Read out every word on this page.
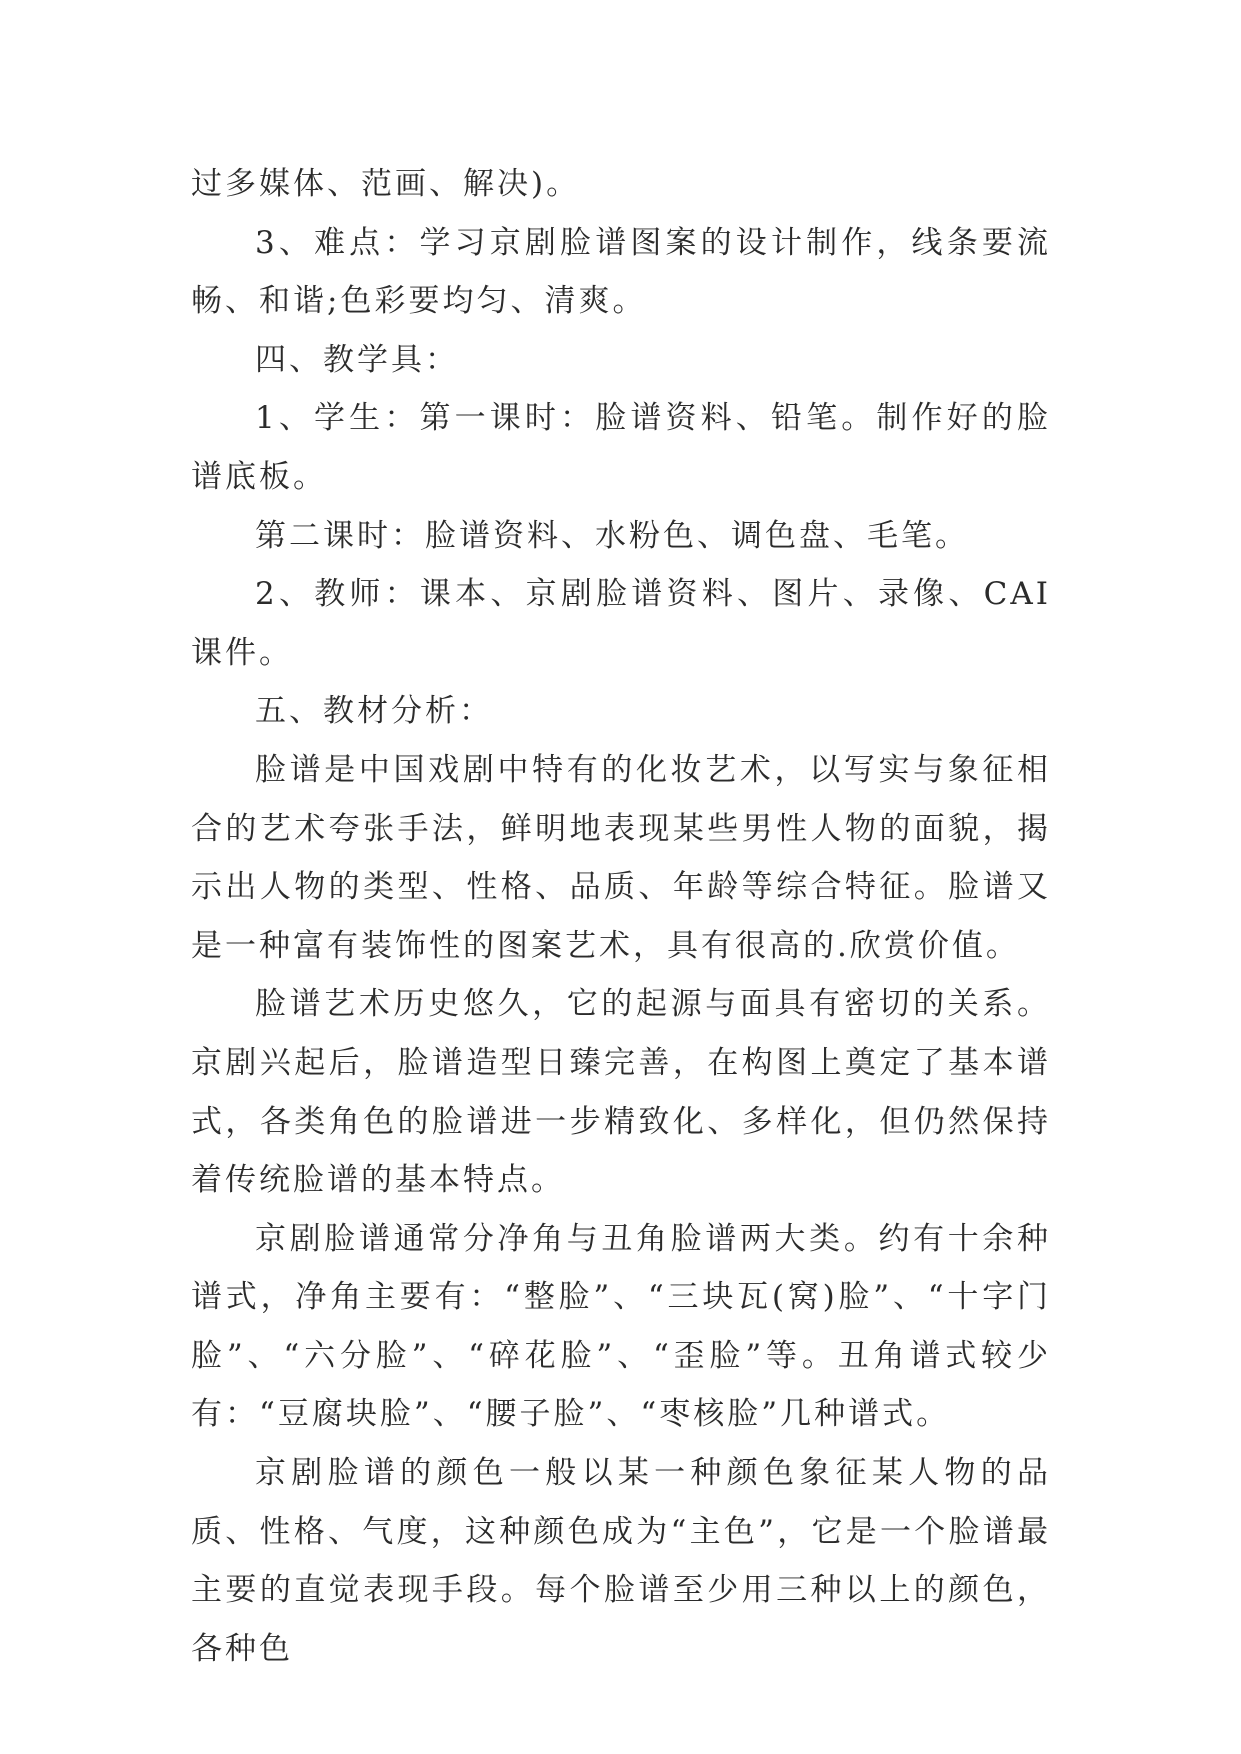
过多媒体、范画、解决)。

3、难点：学习京剧脸谱图案的设计制作，线条要流畅、和谐;色彩要均匀、清爽。

四、教学具：

1、学生：第一课时：脸谱资料、铅笔。制作好的脸谱底板。

第二课时：脸谱资料、水粉色、调色盘、毛笔。

2、教师：课本、京剧脸谱资料、图片、录像、CAI 课件。

五、教材分析：

脸谱是中国戏剧中特有的化妆艺术，以写实与象征相合的艺术夸张手法，鲜明地表现某些男性人物的面貌，揭示出人物的类型、性格、品质、年龄等综合特征。脸谱又是一种富有装饰性的图案艺术，具有很高的.欣赏价值。

脸谱艺术历史悠久，它的起源与面具有密切的关系。京剧兴起后，脸谱造型日臻完善，在构图上奠定了基本谱式，各类角色的脸谱进一步精致化、多样化，但仍然保持着传统脸谱的基本特点。

京剧脸谱通常分净角与丑角脸谱两大类。约有十余种谱式，净角主要有：“整脸”、“三块瓦(窝)脸”、“十字门脸”、“六分脸”、“碎花脸”、“歪脸”等。丑角谱式较少有：“豆腐块脸”、“腰子脸”、“枣核脸”几种谱式。

京剧脸谱的颜色一般以某一种颜色象征某人物的品质、性格、气度，这种颜色成为“主色”，它是一个脸谱最主要的直觉表现手段。每个脸谱至少用三种以上的颜色，各种色
